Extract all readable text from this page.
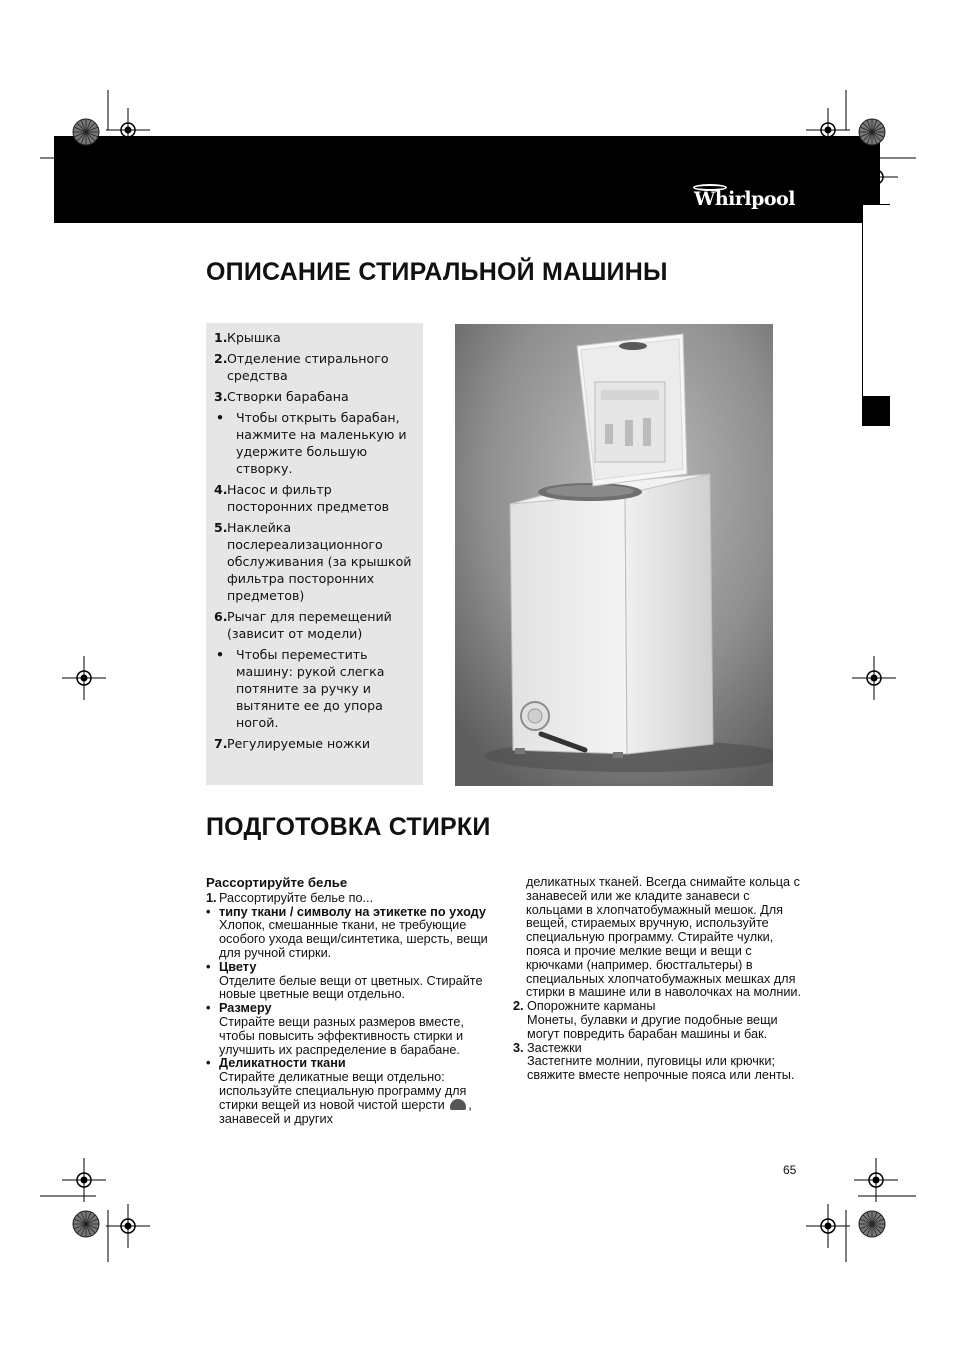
Whirlpool
ОПИСАНИЕ СТИРАЛЬНОЙ МАШИНЫ
1. Крышка
2. Отделение стирального средства
3. Створки барабана
• Чтобы открыть барабан, нажмите на маленькую и удержите большую створку.
4. Насос и фильтр посторонних предметов
5. Наклейка послереализационного обслуживания (за крышкой фильтра посторонних предметов)
6. Рычаг для перемещений (зависит от модели)
• Чтобы переместить машину: рукой слегка потяните за ручку и вытяните ее до упора ногой.
7. Регулируемые ножки
ПОДГОТОВКА СТИРКИ
Рассортируйте белье
1. Рассортируйте белье по...
• типу ткани / символу на этикетке по уходу
Хлопок, смешанные ткани, не требующие особого ухода вещи/синтетика, шерсть, вещи для ручной стирки.
• Цвету
Отделите белые вещи от цветных. Стирайте новые цветные вещи отдельно.
• Размеру
Стирайте вещи разных размеров вместе, чтобы повысить эффективность стирки и улучшить их распределение в барабане.
• Деликатности ткани
Стирайте деликатные вещи отдельно: используйте специальную программу для стирки вещей из новой чистой шерсти , занавесей и других
деликатных тканей. Всегда снимайте кольца с занавесей или же кладите занавеси с кольцами в хлопчатобумажный мешок. Для вещей, стираемых вручную, используйте специальную программу. Стирайте чулки, пояса и прочие мелкие вещи и вещи с крючками (например. бюстгальтеры) в специальных хлопчатобумажных мешках для стирки в машине или в наволочках на молнии.
2. Опорожните карманы
Монеты, булавки и другие подобные вещи могут повредить барабан машины и бак.
3. Застежки
Застегните молнии, пуговицы или крючки; свяжите вместе непрочные пояса или ленты.
65
